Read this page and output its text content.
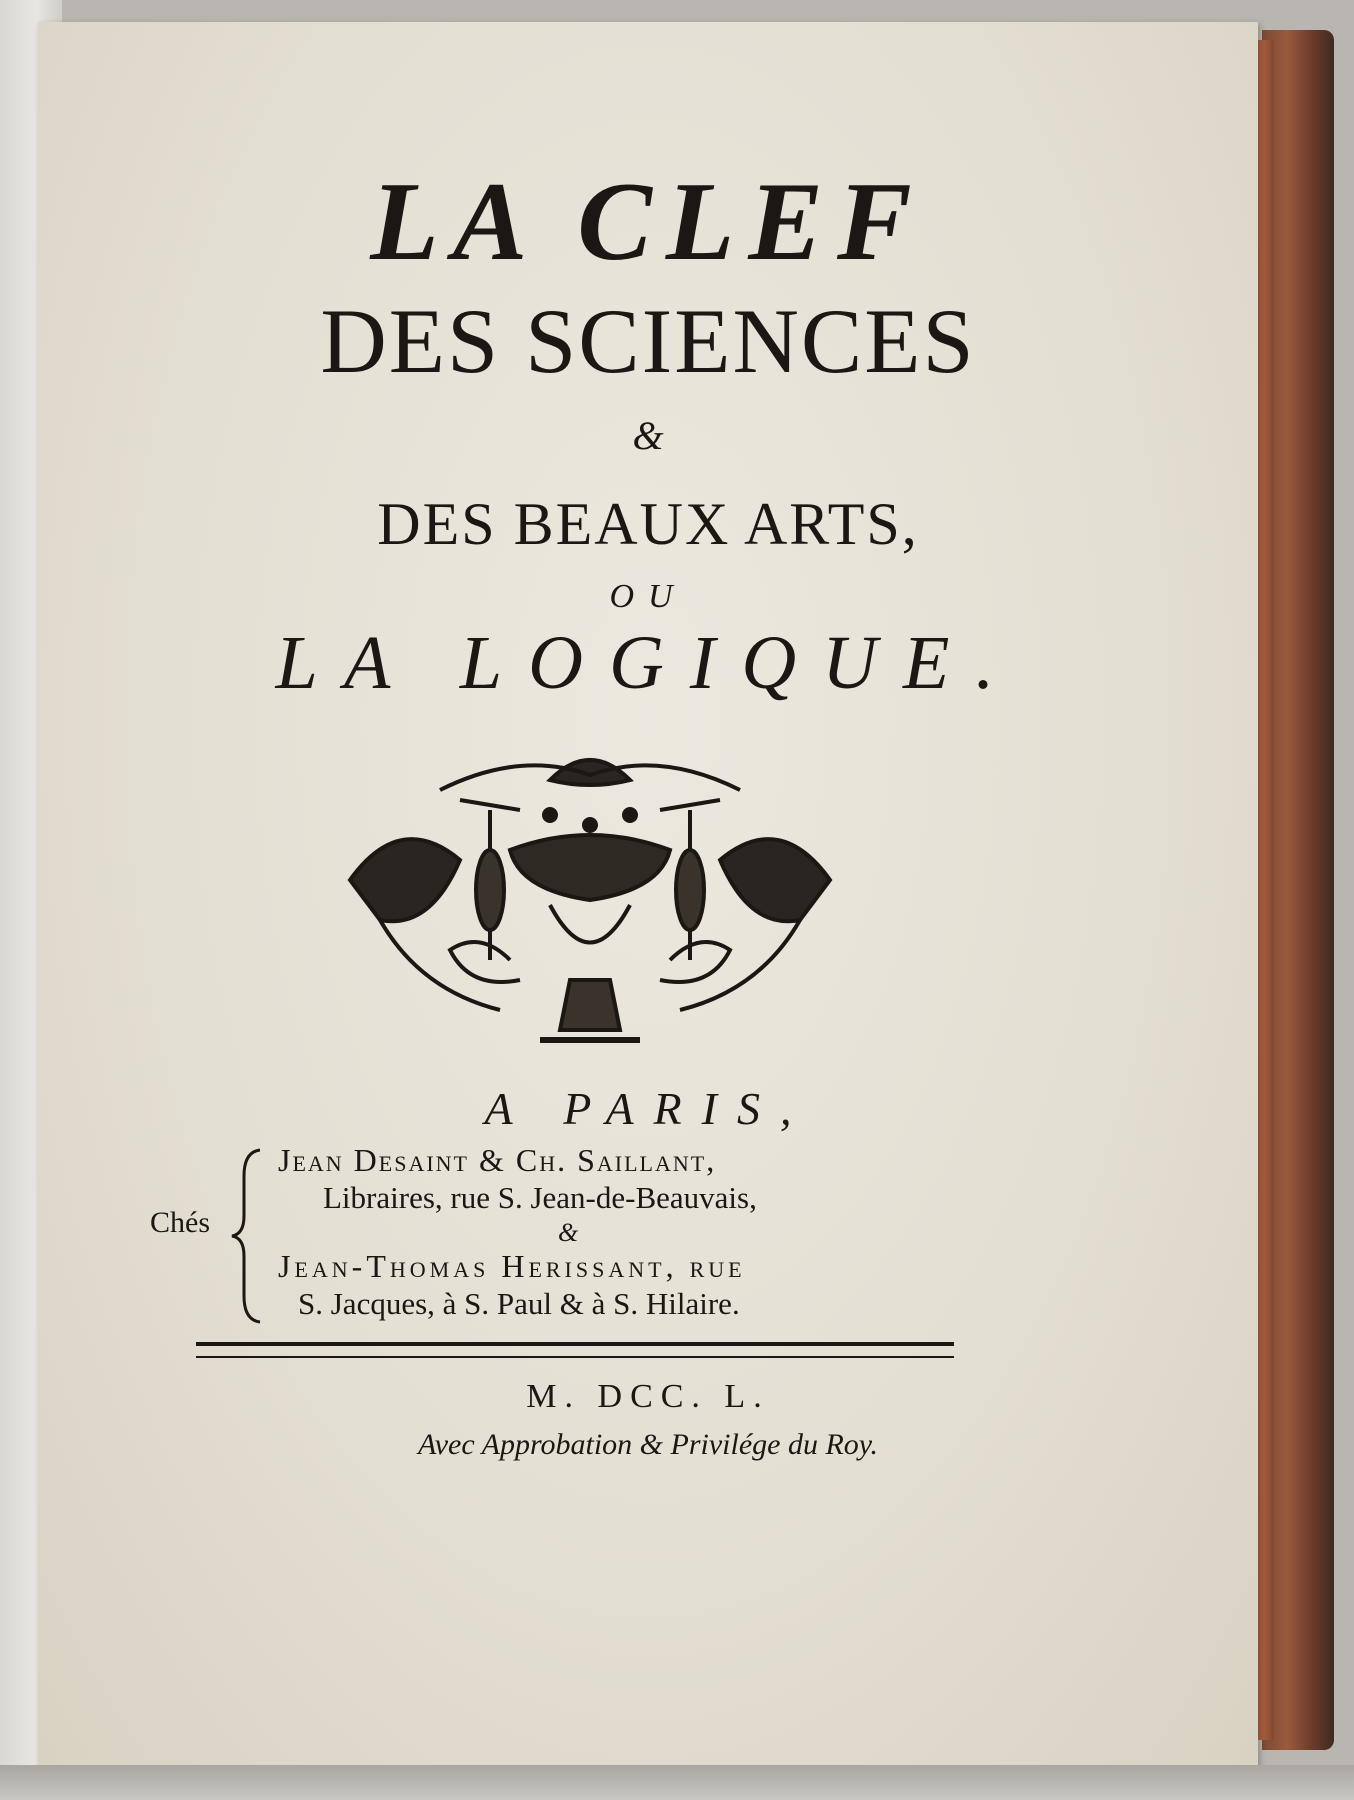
LA CLEF

DES SCIENCES

&

DES BEAUX ARTS,

OU

LA LOGIQUE.

A PARIS,

Chés
Jean Desaint & Ch. Saillant,
Libraires, rue S. Jean-de-Beauvais,
&
Jean-Thomas Herissant, rue
S. Jacques, à S. Paul & à S. Hilaire.

M. DCC. L.

Avec Approbation & Privilége du Roy.
